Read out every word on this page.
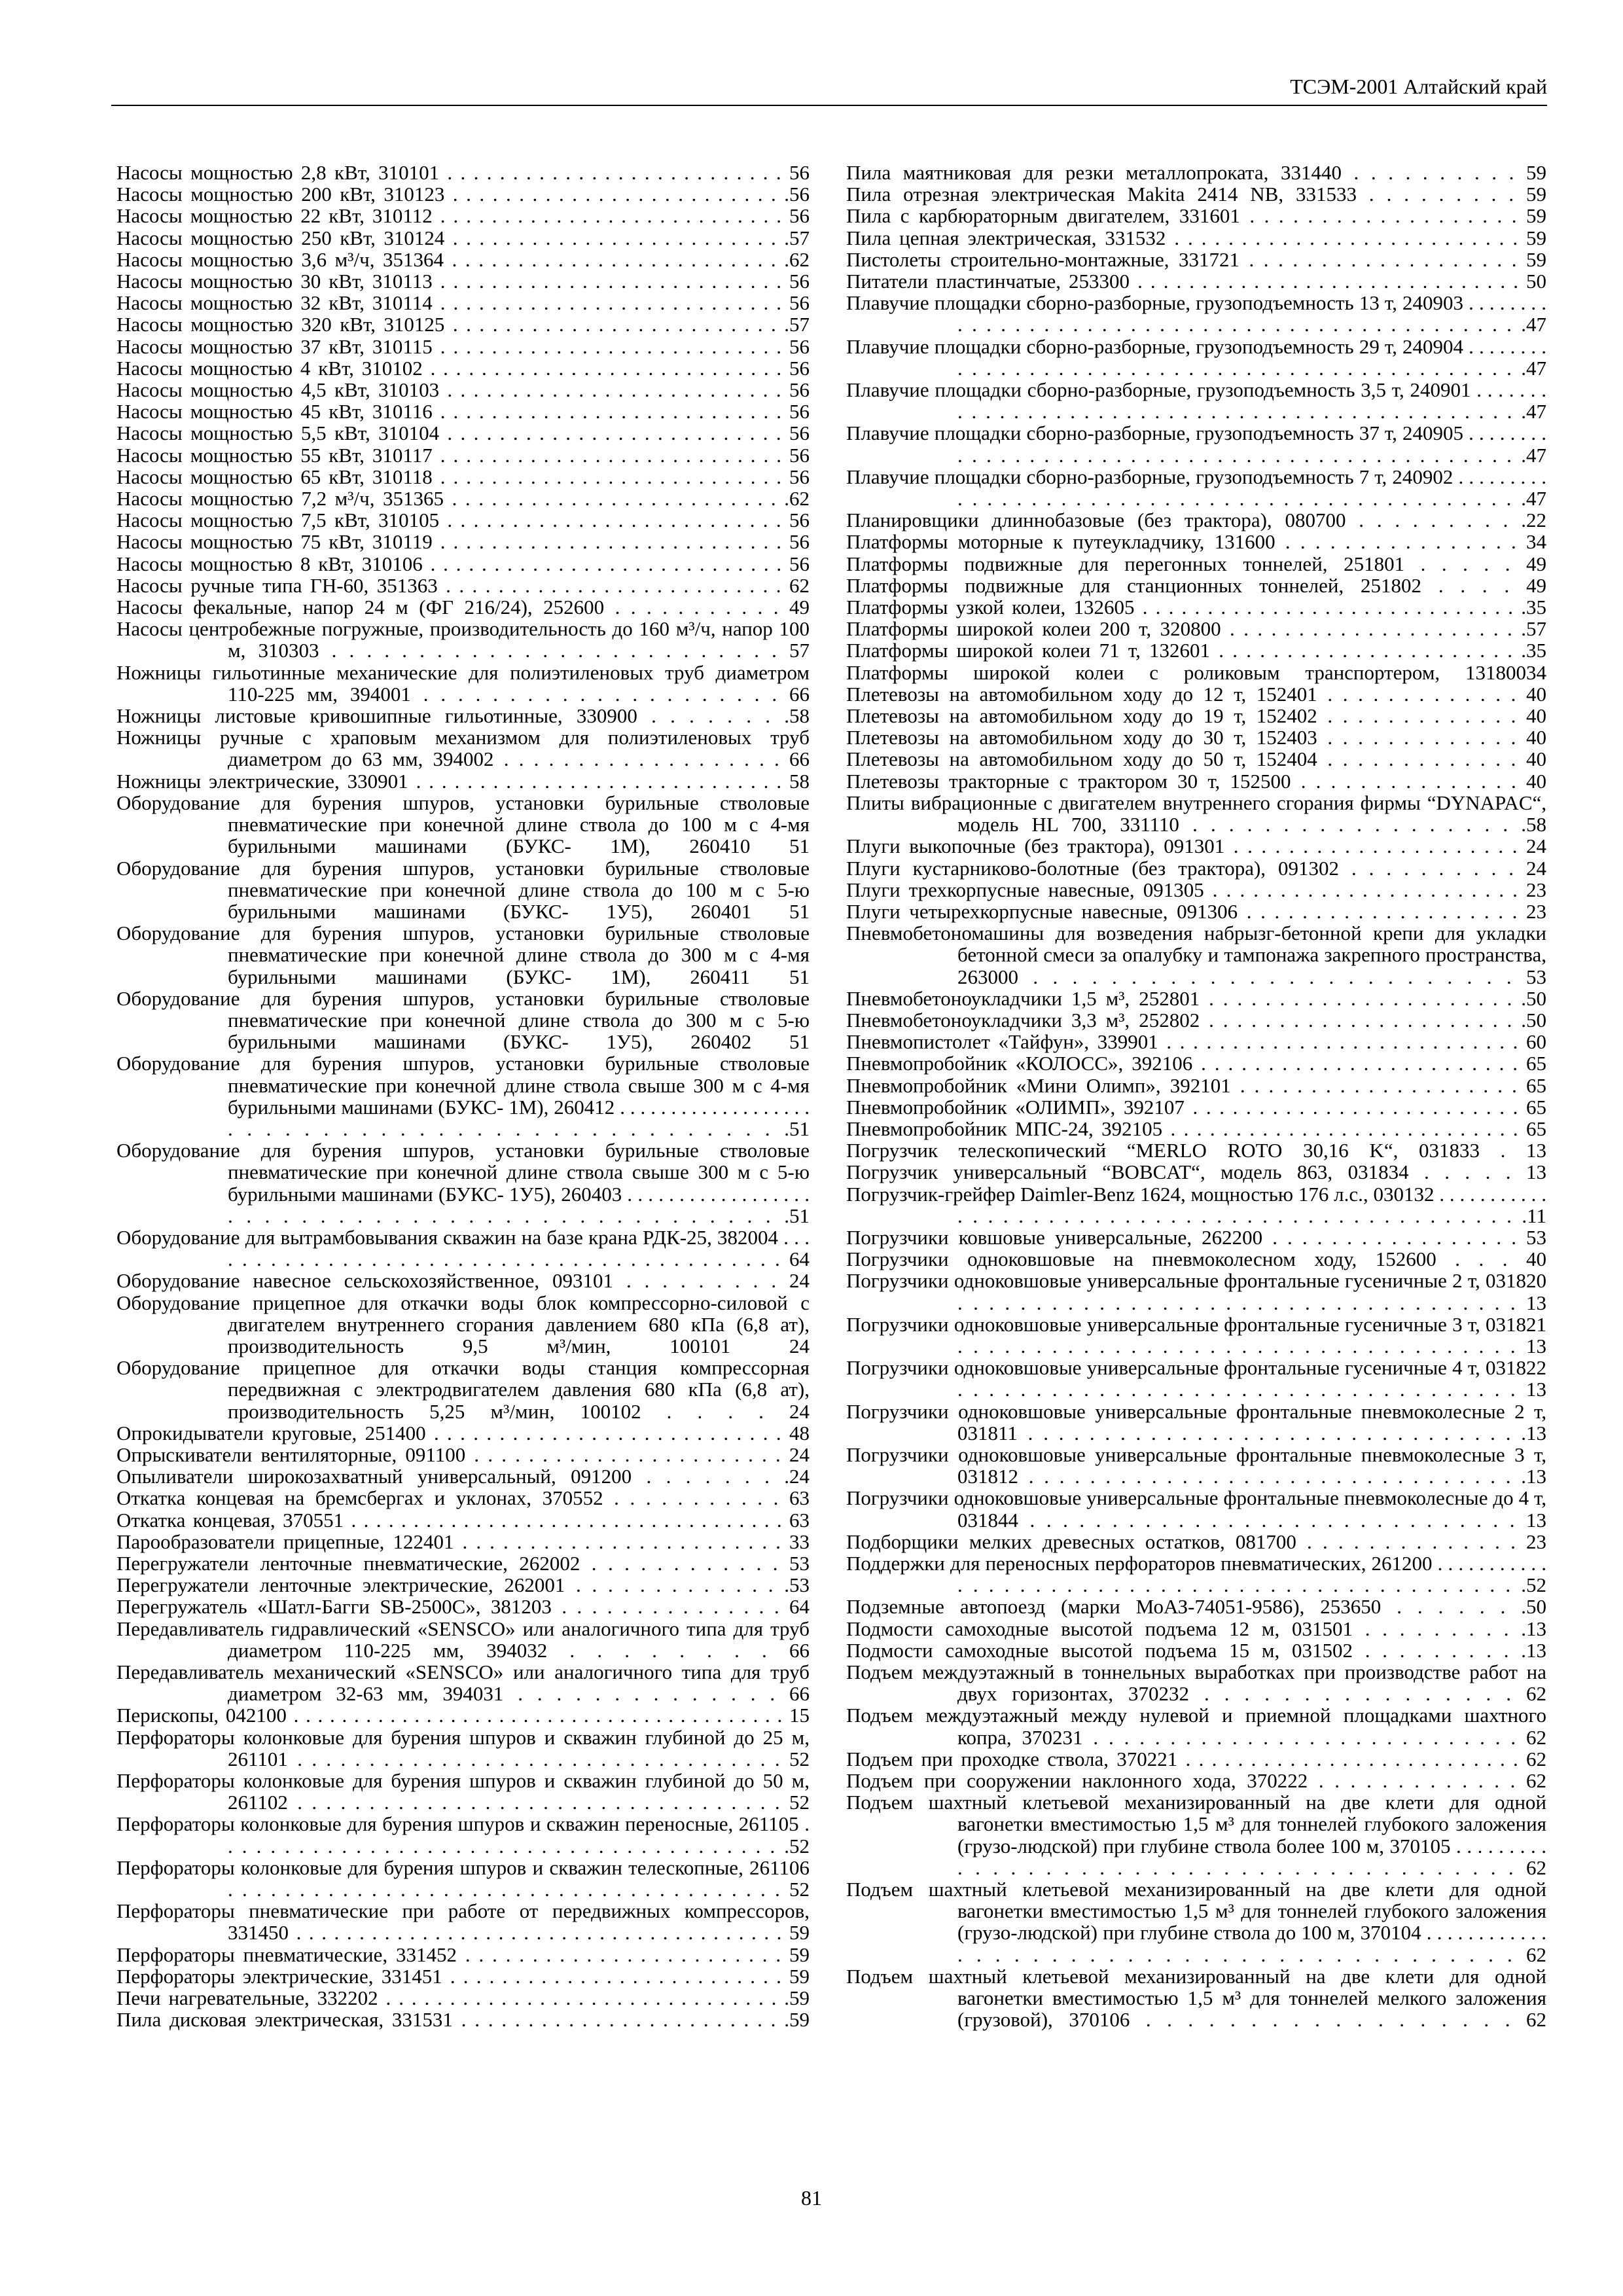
ТСЭМ-2001 Алтайский край
Насосы мощностью 2,8 кВт, 310101 . . . . . . . . . . . . . . . . . . . . . . . . . . 56
Насосы мощностью 200 кВт, 310123 . . . . . . . . . . . . . . . . . . . . . . . . . .56
Насосы мощностью 22 кВт, 310112 . . . . . . . . . . . . . . . . . . . . . . . . . . . 56
Насосы мощностью 250 кВт, 310124 . . . . . . . . . . . . . . . . . . . . . . . . . .57
Насосы мощностью 3,6 м³/ч, 351364 . . . . . . . . . . . . . . . . . . . . . . . . . .62
Насосы мощностью 30 кВт, 310113 . . . . . . . . . . . . . . . . . . . . . . . . . . . 56
Насосы мощностью 32 кВт, 310114 . . . . . . . . . . . . . . . . . . . . . . . . . . . 56
Насосы мощностью 320 кВт, 310125 . . . . . . . . . . . . . . . . . . . . . . . . . .57
Насосы мощностью 37 кВт, 310115 . . . . . . . . . . . . . . . . . . . . . . . . . . . 56
Насосы мощностью 4 кВт, 310102 . . . . . . . . . . . . . . . . . . . . . . . . . . . . 56
Насосы мощностью 4,5 кВт, 310103 . . . . . . . . . . . . . . . . . . . . . . . . . . 56
Насосы мощностью 45 кВт, 310116 . . . . . . . . . . . . . . . . . . . . . . . . . . . 56
Насосы мощностью 5,5 кВт, 310104 . . . . . . . . . . . . . . . . . . . . . . . . . . 56
Насосы мощностью 55 кВт, 310117 . . . . . . . . . . . . . . . . . . . . . . . . . . . 56
Насосы мощностью 65 кВт, 310118 . . . . . . . . . . . . . . . . . . . . . . . . . . . 56
Насосы мощностью 7,2 м³/ч, 351365 . . . . . . . . . . . . . . . . . . . . . . . . . .62
Насосы мощностью 7,5 кВт, 310105 . . . . . . . . . . . . . . . . . . . . . . . . . . 56
Насосы мощностью 75 кВт, 310119 . . . . . . . . . . . . . . . . . . . . . . . . . . . 56
Насосы мощностью 8 кВт, 310106 . . . . . . . . . . . . . . . . . . . . . . . . . . . . 56
Насосы ручные типа ГН-60, 351363 . . . . . . . . . . . . . . . . . . . . . . . . . . 62
Насосы фекальные, напор 24 м (ФГ 216/24), 252600 . . . . . . . . . . . 49
Насосы центробежные погружные, производительность до 160 м³/ч, напор 100 м, 310303 . . . . . . . . . . . . . . . . . . . . . . . . . . 57
Ножницы гильотинные механические для полиэтиленовых труб диаметром 110-225 мм, 394001 . . . . . . . . . . . . . . . . . . . . . 66
Ножницы листовые кривошипные гильотинные, 330900 . . . . . . . .58
Ножницы ручные с храповым механизмом для полиэтиленовых труб диаметром до 63 мм, 394002 . . . . . . . . . . . . . . . . . . . 66
Ножницы электрические, 330901 . . . . . . . . . . . . . . . . . . . . . . . . . . . . . 58
Оборудование для бурения шпуров, установки бурильные стволовые пневматические при конечной длине ствола до 100 м с 4-мя бурильными машинами (БУКС- 1М), 260410 51
Оборудование для бурения шпуров, установки бурильные стволовые пневматические при конечной длине ствола до 100 м с 5-ю бурильными машинами (БУКС- 1У5), 260401 51
Оборудование для бурения шпуров, установки бурильные стволовые пневматические при конечной длине ствола до 300 м с 4-мя бурильными машинами (БУКС- 1М), 260411 51
Оборудование для бурения шпуров, установки бурильные стволовые пневматические при конечной длине ствола до 300 м с 5-ю бурильными машинами (БУКС- 1У5), 260402 51
Оборудование для бурения шпуров, установки бурильные стволовые пневматические при конечной длине ствола свыше 300 м с 4-мя бурильными машинами (БУКС- 1М), 260412 . . . . . . . . . . . . . . . . . . . . . . . . . . . . . . . . . . . . . . . . . . . . . . . . .51
Оборудование для бурения шпуров, установки бурильные стволовые пневматические при конечной длине ствола свыше 300 м с 5-ю бурильными машинами (БУКС- 1У5), 260403 . . . . . . . . . . . . . . . . . . . . . . . . . . . . . . . . . . . . . . . . . . . . . . . . .51
Оборудование для вытрамбовывания скважин на базе крана РДК-25, 382004 . . . . . . . . . . . . . . . . . . . . . . . . . . . . . . . . . . . . . . . . . . 64
Оборудование навесное сельскохозяйственное, 093101 . . . . . . . . . 24
Оборудование прицепное для откачки воды блок компрессорно-силовой с двигателем внутреннего сгорания давлением 680 кПа (6,8 ат), производительность 9,5 м³/мин, 100101 24
Оборудование прицепное для откачки воды станция компрессорная передвижная с электродвигателем давления 680 кПа (6,8 ат), производительность 5,25 м³/мин, 100102 . . . . 24
Опрокидыватели круговые, 251400 . . . . . . . . . . . . . . . . . . . . . . . . . . . 48
Опрыскиватели вентиляторные, 091100 . . . . . . . . . . . . . . . . . . . . . . . 24
Опыливатели широкозахватный универсальный, 091200 . . . . . . . .24
Откатка концевая на бремсбергах и уклонах, 370552 . . . . . . . . . . . 63
Откатка концевая, 370551 . . . . . . . . . . . . . . . . . . . . . . . . . . . . . . . . . . . 63
Парообразователи прицепные, 122401 . . . . . . . . . . . . . . . . . . . . . . . . 33
Перегружатели ленточные пневматические, 262002 . . . . . . . . . . . . 53
Перегружатели ленточные электрические, 262001 . . . . . . . . . . . . . .53
Перегружатель «Шатл-Багги SB-2500C», 381203 . . . . . . . . . . . . . . . 64
Передавливатель гидравлический «SENSCO» или аналогичного типа для труб диаметром 110-225 мм, 394032 . . . . . . . . 66
Передавливатель механический «SENSCO» или аналогичного типа для труб диаметром 32-63 мм, 394031 . . . . . . . . . . . . . . 66
Перископы, 042100 . . . . . . . . . . . . . . . . . . . . . . . . . . . . . . . . . . . . . . . . . 15
Перфораторы колонковые для бурения шпуров и скважин глубиной до 25 м, 261101 . . . . . . . . . . . . . . . . . . . . . . . . . . . . . . . . . . 52
Перфораторы колонковые для бурения шпуров и скважин глубиной до 50 м, 261102 . . . . . . . . . . . . . . . . . . . . . . . . . . . . . . . . . . 52
Перфораторы колонковые для бурения шпуров и скважин переносные, 261105 . . . . . . . . . . . . . . . . . . . . . . . . . . . . . . . . . . . . . . . . .52
Перфораторы колонковые для бурения шпуров и скважин телескопные, 261106 . . . . . . . . . . . . . . . . . . . . . . . . . . . . . . . . . . . . . . . 52
Перфораторы пневматические при работе от передвижных компрессоров, 331450 . . . . . . . . . . . . . . . . . . . . . . . . . . . . . . . . . . . . . . . 59
Перфораторы пневматические, 331452 . . . . . . . . . . . . . . . . . . . . . . . . 59
Перфораторы электрические, 331451 . . . . . . . . . . . . . . . . . . . . . . . . . . 59
Печи нагревательные, 332202 . . . . . . . . . . . . . . . . . . . . . . . . . . . . . . . .59
Пила дисковая электрическая, 331531 . . . . . . . . . . . . . . . . . . . . . . . . .59
Пила маятниковая для резки металлопроката, 331440 . . . . . . . . . . 59
Пила отрезная электрическая Makita 2414 NB, 331533 . . . . . . . . . 59
Пила с карбюраторным двигателем, 331601 . . . . . . . . . . . . . . . . . . . 59
Пила цепная электрическая, 331532 . . . . . . . . . . . . . . . . . . . . . . . . . . 59
Пистолеты строительно-монтажные, 331721 . . . . . . . . . . . . . . . . . . . 59
Питатели пластинчатые, 253300 . . . . . . . . . . . . . . . . . . . . . . . . . . . . . . 50
Плавучие площадки сборно-разборные, грузоподъемность 13 т, 240903 . . . . . . . . . . . . . . . . . . . . . . . . . . . . . . . . . . . . . . . . . . . . . . . .47
Плавучие площадки сборно-разборные, грузоподъемность 29 т, 240904 . . . . . . . . . . . . . . . . . . . . . . . . . . . . . . . . . . . . . . . . . . . . . . . .47
Плавучие площадки сборно-разборные, грузоподъемность 3,5 т, 240901 . . . . . . . . . . . . . . . . . . . . . . . . . . . . . . . . . . . . . . . . . . . . . . . .47
Плавучие площадки сборно-разборные, грузоподъемность 37 т, 240905 . . . . . . . . . . . . . . . . . . . . . . . . . . . . . . . . . . . . . . . . . . . . . . . .47
Плавучие площадки сборно-разборные, грузоподъемность 7 т, 240902 . . . . . . . . . . . . . . . . . . . . . . . . . . . . . . . . . . . . . . . . . . . . . . . .47
Планировщики длиннобазовые (без трактора), 080700 . . . . . . . . . .22
Платформы моторные к путеукладчику, 131600 . . . . . . . . . . . . . . . . 34
Платформы подвижные для перегонных тоннелей, 251801 . . . . . 49
Платформы подвижные для станционных тоннелей, 251802 . . . . 49
Платформы узкой колеи, 132605 . . . . . . . . . . . . . . . . . . . . . . . . . . . . . .35
Платформы широкой колеи 200 т, 320800 . . . . . . . . . . . . . . . . . . . . . .57
Платформы широкой колеи 71 т, 132601 . . . . . . . . . . . . . . . . . . . . . . .35
Платформы широкой колеи с роликовым транспортером, 13180034
Плетевозы на автомобильном ходу до 12 т, 152401 . . . . . . . . . . . . . 40
Плетевозы на автомобильном ходу до 19 т, 152402 . . . . . . . . . . . . . 40
Плетевозы на автомобильном ходу до 30 т, 152403 . . . . . . . . . . . . . 40
Плетевозы на автомобильном ходу до 50 т, 152404 . . . . . . . . . . . . . 40
Плетевозы тракторные с трактором 30 т, 152500 . . . . . . . . . . . . . . . 40
Плиты вибрационные с двигателем внутреннего сгорания фирмы “DYNAPAC“, модель HL 700, 331110 . . . . . . . . . . . . . . . . . . .58
Плуги выкопочные (без трактора), 091301 . . . . . . . . . . . . . . . . . . . . . 24
Плуги кустарниково-болотные (без трактора), 091302 . . . . . . . . . . 24
Плуги трехкорпусные навесные, 091305 . . . . . . . . . . . . . . . . . . . . . . . 23
Плуги четырехкорпусные навесные, 091306 . . . . . . . . . . . . . . . . . . . . 23
Пневмобетономашины для возведения набрызг-бетонной крепи для укладки бетонной смеси за опалубку и тампонажа закрепного пространства, 263000 . . . . . . . . . . . . . . . . . . . . . . . . . 53
Пневмобетоноукладчики 1,5 м³, 252801 . . . . . . . . . . . . . . . . . . . . . . .50
Пневмобетоноукладчики 3,3 м³, 252802 . . . . . . . . . . . . . . . . . . . . . . .50
Пневмопистолет «Тайфун», 339901 . . . . . . . . . . . . . . . . . . . . . . . . . . . 60
Пневмопробойник «КОЛОСС», 392106 . . . . . . . . . . . . . . . . . . . . . . . . 65
Пневмопробойник «Мини Олимп», 392101 . . . . . . . . . . . . . . . . . . . . 65
Пневмопробойник «ОЛИМП», 392107 . . . . . . . . . . . . . . . . . . . . . . . . . 65
Пневмопробойник МПС-24, 392105 . . . . . . . . . . . . . . . . . . . . . . . . . . . 65
Погрузчик телескопический “MERLO ROTO 30,16 K“, 031833 . 13
Погрузчик универсальный “BOBCAT“, модель 863, 031834 . . . . . 13
Погрузчик-грейфер Daimler-Benz 1624, мощностью 176 л.с., 030132 . . . . . . . . . . . . . . . . . . . . . . . . . . . . . . . . . . . . . . . . . . . . . . . . .11
Погрузчики ковшовые универсальные, 262200 . . . . . . . . . . . . . . . . . 53
Погрузчики одноковшовые на пневмоколесном ходу, 152600 . . . 40
Погрузчики одноковшовые универсальные фронтальные гусеничные 2 т, 031820 . . . . . . . . . . . . . . . . . . . . . . . . . . . . . . . . . . . . 13
Погрузчики одноковшовые универсальные фронтальные гусеничные 3 т, 031821 . . . . . . . . . . . . . . . . . . . . . . . . . . . . . . . . . . . . 13
Погрузчики одноковшовые универсальные фронтальные гусеничные 4 т, 031822 . . . . . . . . . . . . . . . . . . . . . . . . . . . . . . . . . . . . 13
Погрузчики одноковшовые универсальные фронтальные пневмоколесные 2 т, 031811 . . . . . . . . . . . . . . . . . . . . . . . . . . . . . . . . .13
Погрузчики одноковшовые универсальные фронтальные пневмоколесные 3 т, 031812 . . . . . . . . . . . . . . . . . . . . . . . . . . . . . . . . .13
Погрузчики одноковшовые универсальные фронтальные пневмоколесные до 4 т, 031844 . . . . . . . . . . . . . . . . . . . . . . . . . . . . . . 13
Подборщики мелких древесных остатков, 081700 . . . . . . . . . . . . . . 23
Поддержки для переносных перфораторов пневматических, 261200 . . . . . . . . . . . . . . . . . . . . . . . . . . . . . . . . . . . . . . . . . . . . . . . .52
Подземные автопоезд (марки МоАЗ-74051-9586), 253650 . . . . . . .50
Подмости самоходные высотой подъема 12 м, 031501 . . . . . . . . . .13
Подмости самоходные высотой подъема 15 м, 031502 . . . . . . . . . .13
Подъем междуэтажный в тоннельных выработках при производстве работ на двух горизонтах, 370232 . . . . . . . . . . . . . . . . 62
Подъем междуэтажный между нулевой и приемной площадками шахтного копра, 370231 . . . . . . . . . . . . . . . . . . . . . . . . . . . . 62
Подъем при проходке ствола, 370221 . . . . . . . . . . . . . . . . . . . . . . . . . . 62
Подъем при сооружении наклонного хода, 370222 . . . . . . . . . . . . . 62
Подъем шахтный клетьевой механизированный на две клети для одной вагонетки вместимостью 1,5 м³ для тоннелей глубокого заложения (грузо-людской) при глубине ствола более 100 м, 370105 . . . . . . . . . . . . . . . . . . . . . . . . . . . . . . . . . . . . . . . . . 62
Подъем шахтный клетьевой механизированный на две клети для одной вагонетки вместимостью 1,5 м³ для тоннелей глубокого заложения (грузо-людской) при глубине ствола до 100 м, 370104 . . . . . . . . . . . . . . . . . . . . . . . . . . . . . . . . . . . . . . . . . . 62
Подъем шахтный клетьевой механизированный на две клети для одной вагонетки вместимостью 1,5 м³ для тоннелей мелкого заложения (грузовой), 370106 . . . . . . . . . . . . . . . . . . 62
81
